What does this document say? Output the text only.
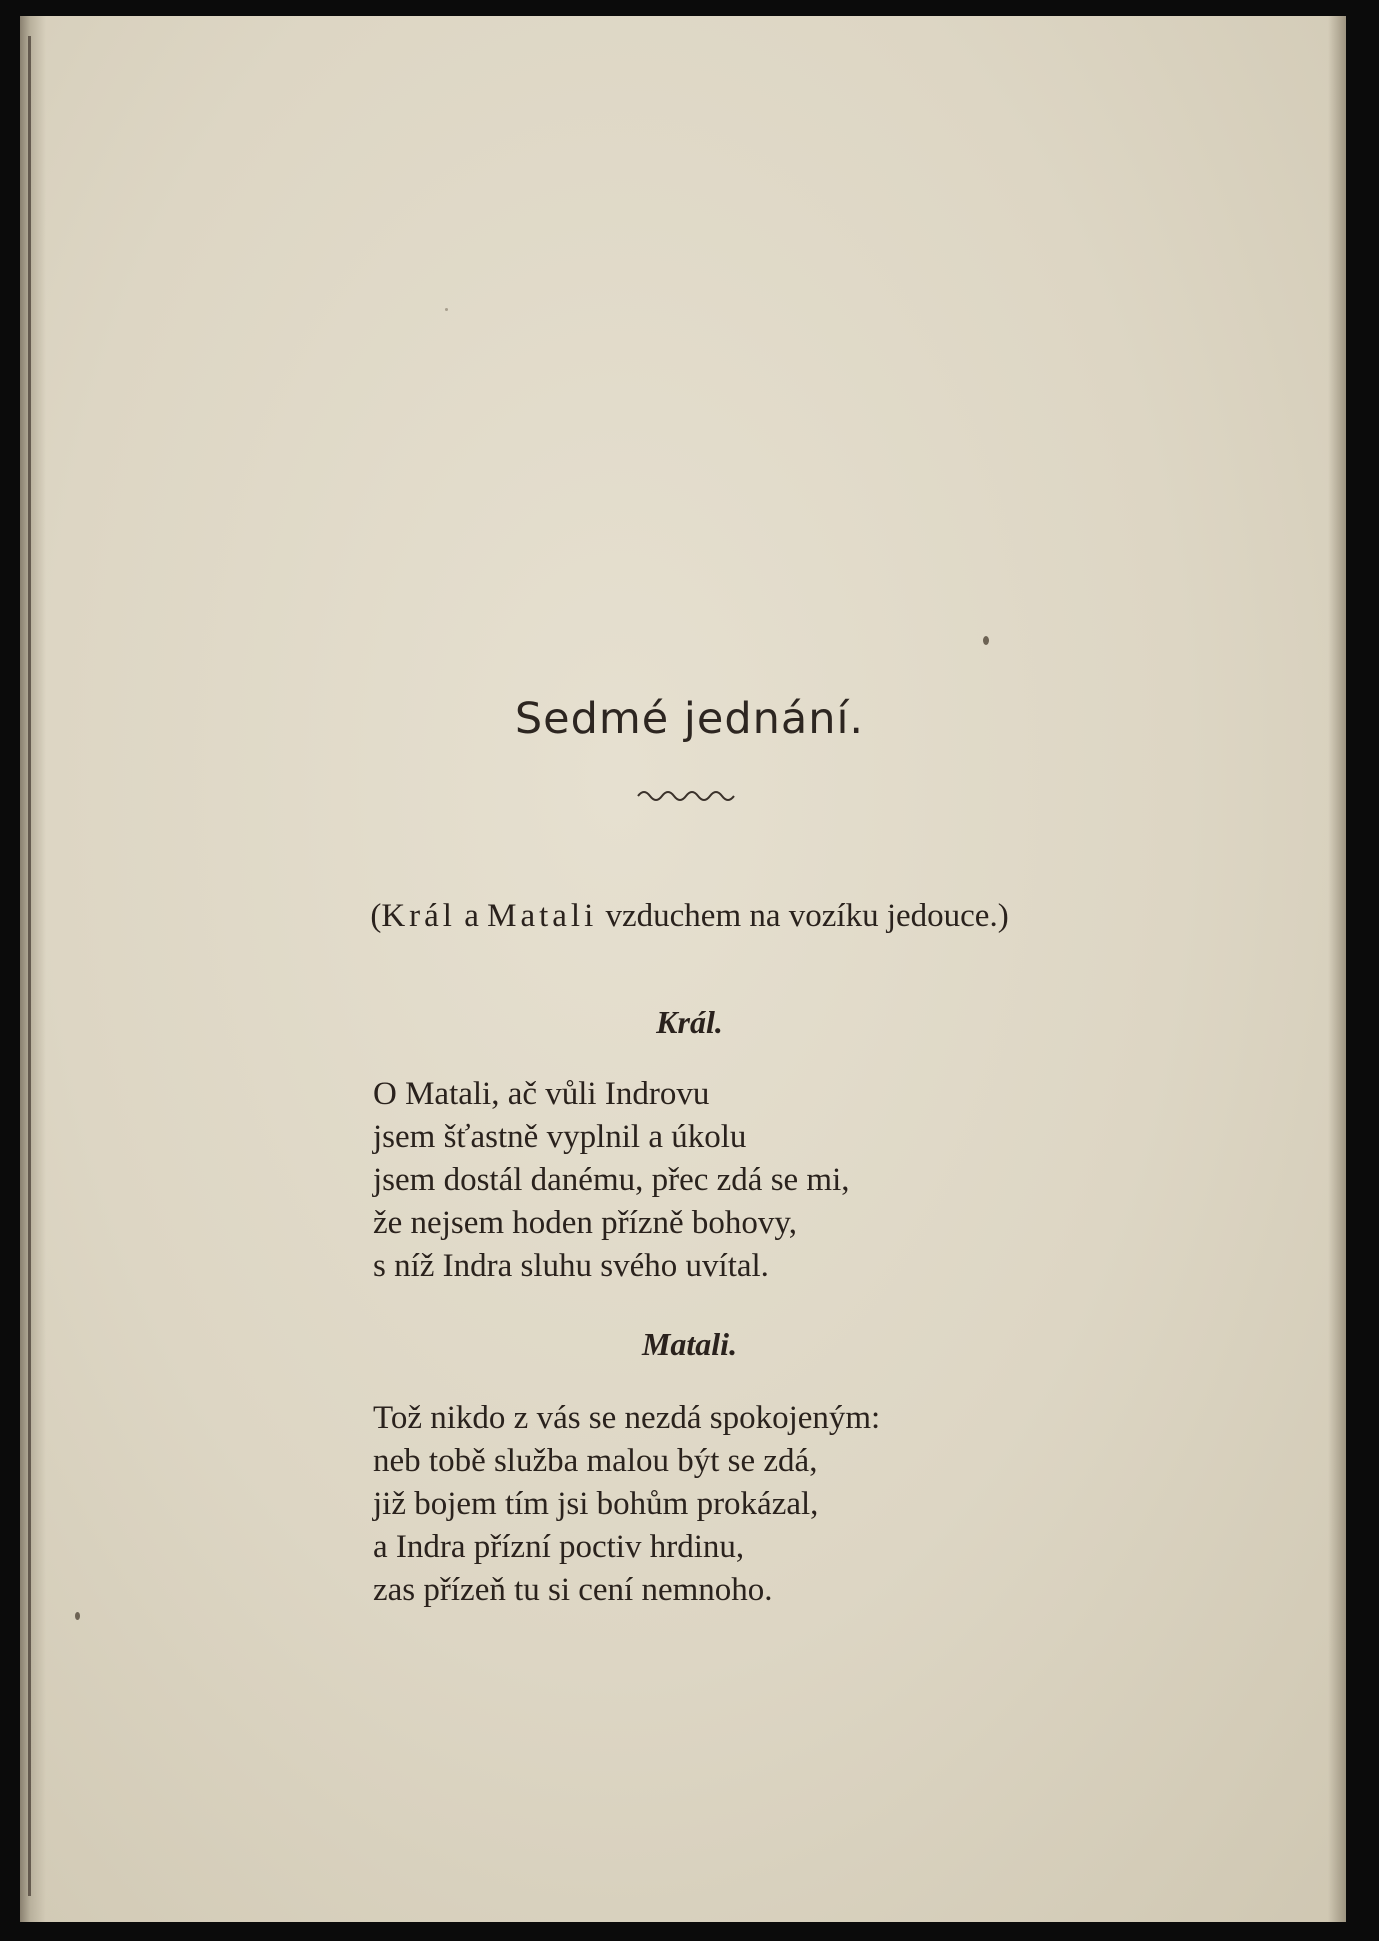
Sedmé jednání.
(Král a Matali vzduchem na vozíku jedouce.)
Král.
O Matali, ač vůli Indrovu
jsem šťastně vyplnil a úkolu
jsem dostál danému, přec zdá se mi,
že nejsem hoden přízně bohovy,
s níž Indra sluhu svého uvítal.
Matali.
Tož nikdo z vás se nezdá spokojeným:
neb tobě služba malou být se zdá,
již bojem tím jsi bohům prokázal,
a Indra přízní poctiv hrdinu,
zas přízeň tu si cení nemnoho.
